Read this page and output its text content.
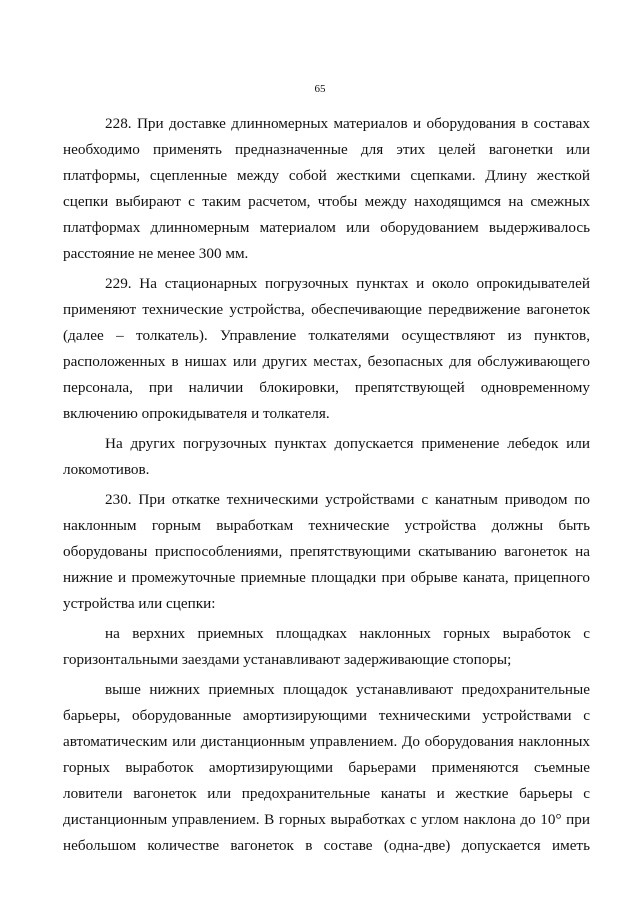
65

228. При доставке длинномерных материалов и оборудования в составах
необходимо применять предназначенные для этих целей вагонетки или
платформы, сцепленные между собой жесткими сцепками. Длину жесткой
сцепки выбирают с таким расчетом, чтобы между находящимся на смежных
платформах длинномерным материалом или оборудованием выдерживалось
расстояние не менее 300 мм.

229. На стационарных погрузочных пунктах и около опрокидывателей
применяют технические устройства, обеспечивающие передвижение вагонеток
(далее – толкатель). Управление толкателями осуществляют из пунктов,
расположенных в нишах или других местах, безопасных для обслуживающего
персонала, при наличии блокировки, препятствующей одновременному
включению опрокидывателя и толкателя.

На других погрузочных пунктах допускается применение лебедок или
локомотивов.

230. При откатке техническими устройствами с канатным приводом по
наклонным горным выработкам технические устройства должны быть
оборудованы приспособлениями, препятствующими скатыванию вагонеток на
нижние и промежуточные приемные площадки при обрыве каната, прицепного
устройства или сцепки:

на верхних приемных площадках наклонных горных выработок с
горизонтальными заездами устанавливают задерживающие стопоры;

выше нижних приемных площадок устанавливают предохранительные
барьеры, оборудованные амортизирующими техническими устройствами с
автоматическим или дистанционным управлением. До оборудования наклонных
горных выработок амортизирующими барьерами применяются съемные
ловители вагонеток или предохранительные канаты и жесткие барьеры с
дистанционным управлением. В горных выработках с углом наклона до 10° при
небольшом количестве вагонеток в составе (одна-две) допускается иметь
